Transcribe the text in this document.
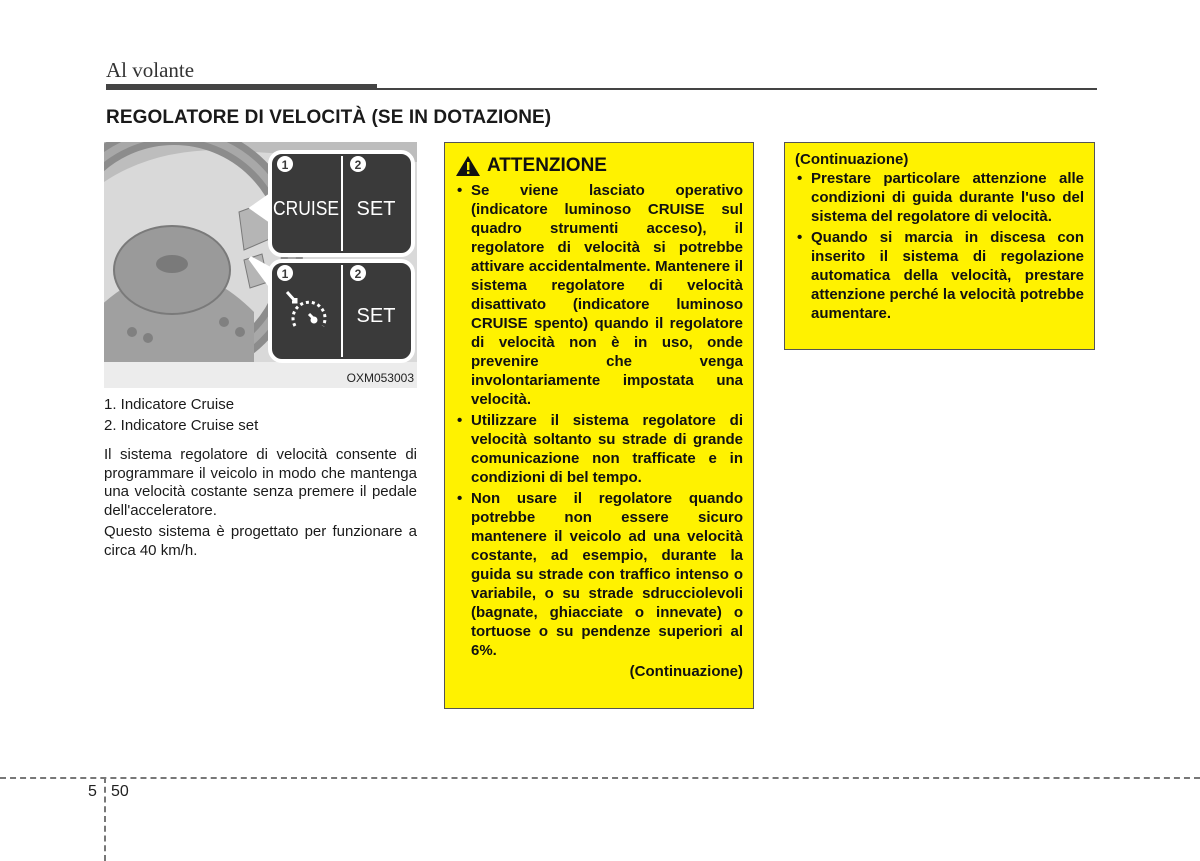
Al volante
REGOLATORE DI VELOCITÀ (SE IN DOTAZIONE)
1	2
1	2
CRUISE SET
SET
OXM053003
1. Indicatore Cruise
2. Indicatore Cruise set

Il sistema regolatore di velocità consente di programmare il veicolo in modo che mantenga una velocità costante senza premere il pedale dell'acceleratore.

Questo sistema è progettato per funzionare a circa 40 km/h.

ATTENZIONE
• Se viene lasciato operativo (indicatore luminoso CRUISE sul quadro strumenti acceso), il regolatore di velocità si potrebbe attivare accidentalmente. Mantenere il sistema regolatore di velocità disattivato (indicatore luminoso CRUISE spento) quando il regolatore di velocità non è in uso, onde prevenire che venga involontariamente impostata una velocità.
• Utilizzare il sistema regolatore di velocità soltanto su strade di grande comunicazione non trafficate e in condizioni di bel tempo.
• Non usare il regolatore quando potrebbe non essere sicuro mantenere il veicolo ad una velocità costante, ad esempio, durante la guida su strade con traffico intenso o variabile, o su strade sdrucciolevoli (bagnate, ghiacciate o innevate) o tortuose o su pendenze superiori al 6%.
(Continuazione)
(Continuazione)
• Prestare particolare attenzione alle condizioni di guida durante l'uso del sistema del regolatore di velocità.
• Quando si marcia in discesa con inserito il sistema di regolazione automatica della velocità, prestare attenzione perché la velocità potrebbe aumentare.
5 50
